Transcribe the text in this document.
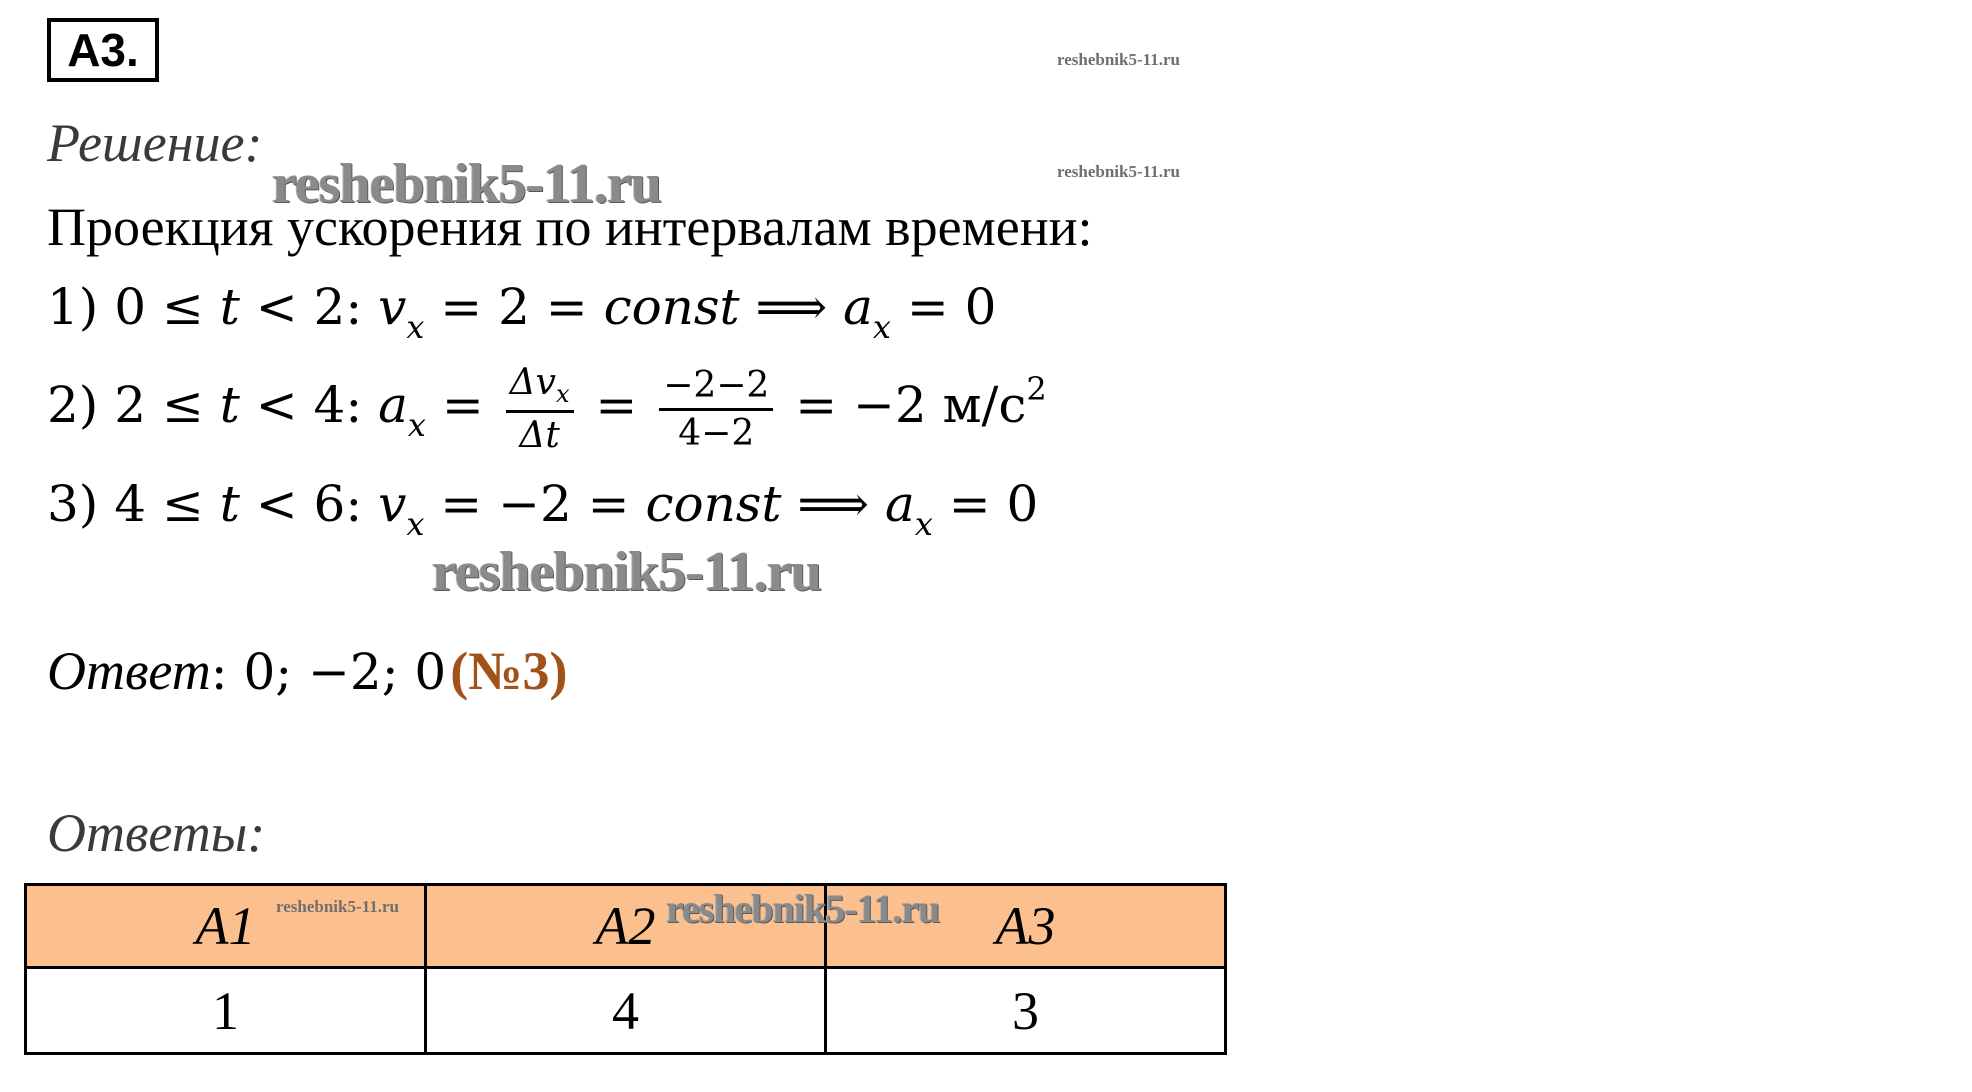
A3.	reshebnik5-11.ru
reshebnik5-11.ru
Решение:
reshebnik5-11.ru
Проекция ускорения по интервалам времени:
1) 0 ≤ t < 2: $v_x = 2$ = const ⟹ $a_x = 0$
2) 2 ≤ t < 4: $a_x = \frac{\Delta v_x}{\Delta t} = \frac{-2-2}{4-2} = -2$ $м/с^2$
3) 4 ≤ t < 6: $v_x = -2$ = const ⟹ $a_x = 0$
reshebnik5-11.ru
Ответ: 0; −2; 0 (№3)
Ответы:
A1	A2	A3
1	4	3
reshebnik5-11.ru	reshebnik5-11.ru
